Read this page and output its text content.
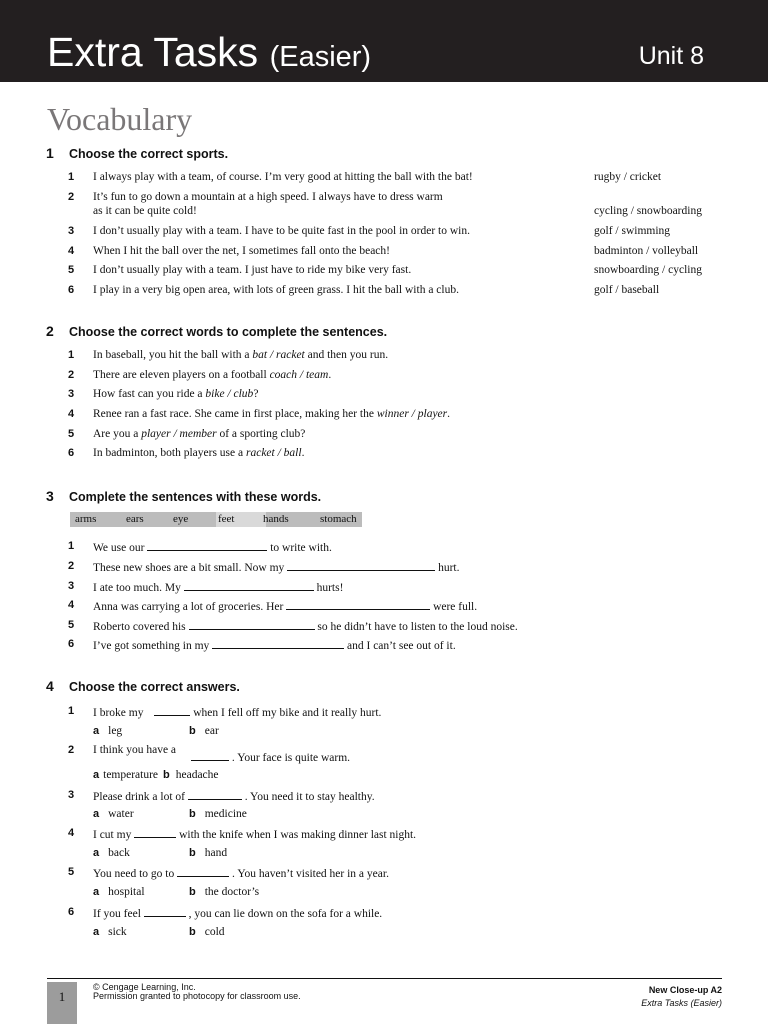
Extra Tasks (Easier)	Unit 8
Vocabulary
1 Choose the correct sports.
1 I always play with a team, of course. I’m very good at hitting the ball with the bat!	rugby / cricket
2 It’s fun to go down a mountain at a high speed. I always have to dress warm
as it can be quite cold!	cycling / snowboarding
3 I don’t usually play with a team. I have to be quite fast in the pool in order to win.	golf / swimming
4 When I hit the ball over the net, I sometimes fall onto the beach!	badminton / volleyball
5 I don’t usually play with a team. I just have to ride my bike very fast.	snowboarding / cycling
6 I play in a very big open area, with lots of green grass. I hit the ball with a club.	golf / baseball
2 Choose the correct words to complete the sentences.
1 In baseball, you hit the ball with a bat / racket and then you run.
2 There are eleven players on a football coach / team.
3 How fast can you ride a bike / club?
4 Renee ran a fast race. She came in first place, making her the winner / player.
5 Are you a player / member of a sporting club?
6 In badminton, both players use a racket / ball.
3 Complete the sentences with these words.
arms	ears	eye	feet	hands	stomach
1 We use our	to write with.
2 These new shoes are a bit small. Now my	hurt.
3 I ate too much. My	hurts!
4 Anna was carrying a lot of groceries. Her	were full.
5 Roberto covered his	so he didn’t have to listen to the loud noise.
6 I’ve got something in my	and I can’t see out of it.
4 Choose the correct answers.
1 I broke my	when I fell off my bike and it really hurt.
a leg	b ear
2 I think you have a
. Your face is quite warm.
a temperature b headache
3 Please drink a lot of	. You need it to stay healthy.
a water	b medicine
4 I cut my	with the knife when I was making dinner last night.
a back	b hand
5 You need to go to	. You haven’t visited her in a year.
a hospital	b the doctor’s
6 If you feel	, you can lie down on the sofa for a while.
a sick	b cold
1
© Cengage Learning, Inc.
Permission granted to photocopy for classroom use.
New Close-up A2
Extra Tasks (Easier)
